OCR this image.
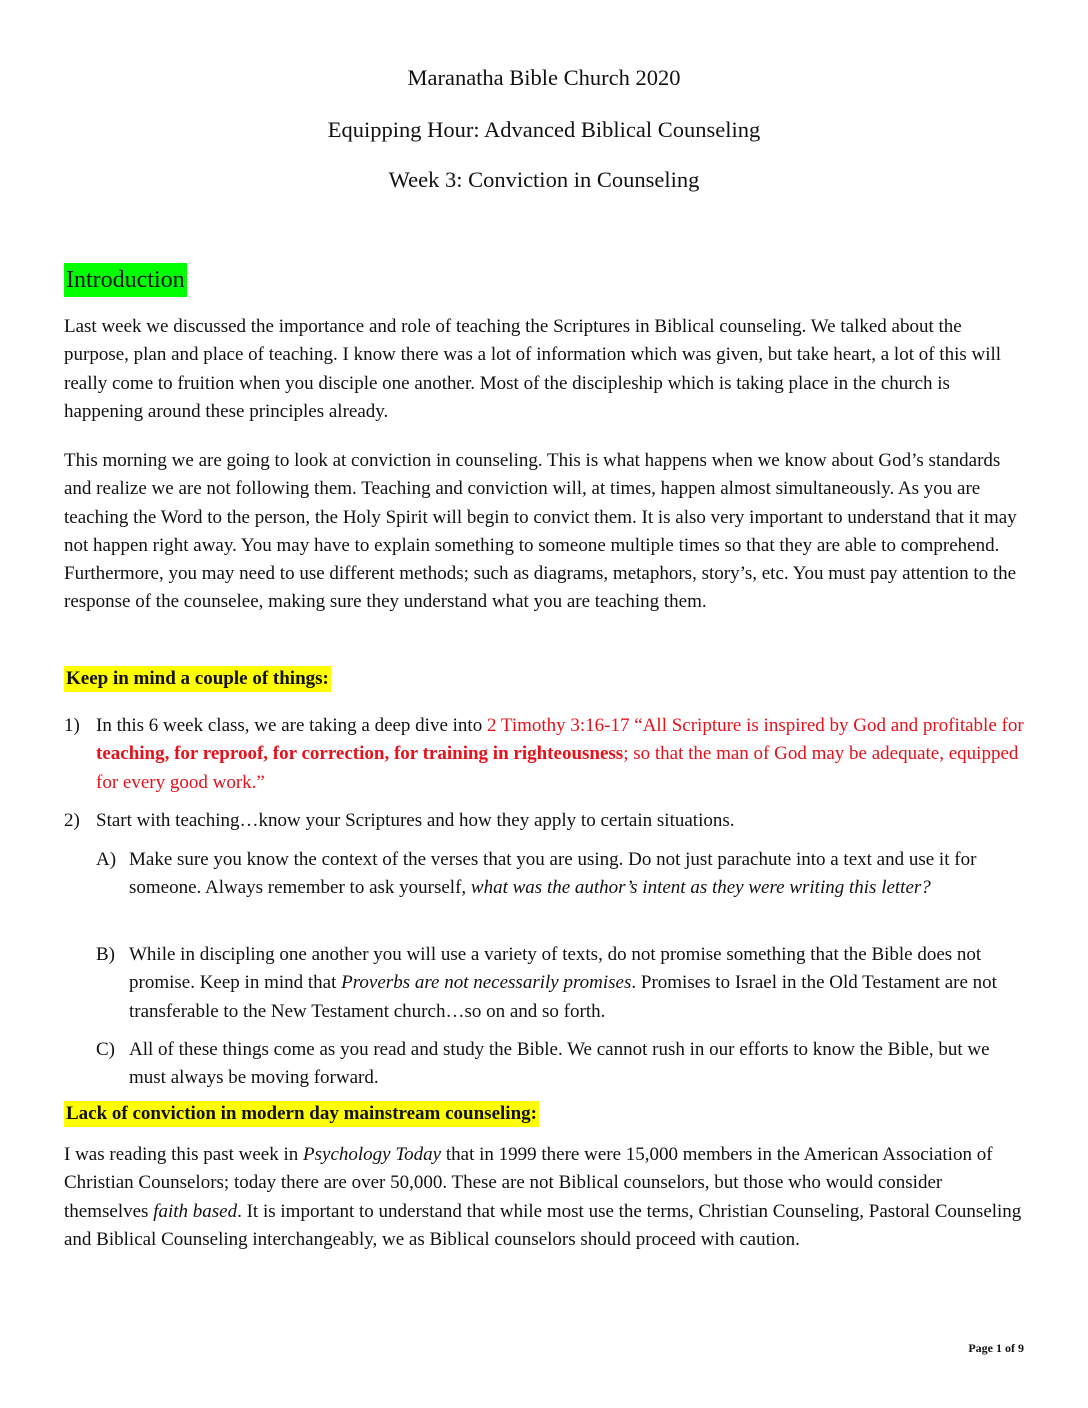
Maranatha Bible Church 2020
Equipping Hour: Advanced Biblical Counseling
Week 3: Conviction in Counseling
Introduction

Last week we discussed the importance and role of teaching the Scriptures in Biblical counseling. We talked about the purpose, plan and place of teaching. I know there was a lot of information which was given, but take heart, a lot of this will really come to fruition when you disciple one another. Most of the discipleship which is taking place in the church is happening around these principles already.

This morning we are going to look at conviction in counseling. This is what happens when we know about God’s standards and realize we are not following them. Teaching and conviction will, at times, happen almost simultaneously. As you are teaching the Word to the person, the Holy Spirit will begin to convict them. It is also very important to understand that it may not happen right away. You may have to explain something to someone multiple times so that they are able to comprehend. Furthermore, you may need to use different methods; such as diagrams, metaphors, story’s, etc. You must pay attention to the response of the counselee, making sure they understand what you are teaching them.

Keep in mind a couple of things:
1) In this 6 week class, we are taking a deep dive into 2 Timothy 3:16-17 “All Scripture is inspired by God and profitable for teaching, for reproof, for correction, for training in righteousness; so that the man of God may be adequate, equipped for every good work.”

2) Start with teaching…know your Scriptures and how they apply to certain situations.

A) Make sure you know the context of the verses that you are using. Do not just parachute into a text and use it for someone. Always remember to ask yourself, what was the author’s intent as they were writing this letter?

B) While in discipling one another you will use a variety of texts, do not promise something that the Bible does not promise. Keep in mind that Proverbs are not necessarily promises. Promises to Israel in the Old Testament are not transferable to the New Testament church…so on and so forth.

C) All of these things come as you read and study the Bible. We cannot rush in our efforts to know the Bible, but we must always be moving forward.

Lack of conviction in modern day mainstream counseling:

I was reading this past week in Psychology Today that in 1999 there were 15,000 members in the American Association of Christian Counselors; today there are over 50,000. These are not Biblical counselors, but those who would consider themselves faith based. It is important to understand that while most use the terms, Christian Counseling, Pastoral Counseling and Biblical Counseling interchangeably, we as Biblical counselors should proceed with caution.

Page 1 of 9
